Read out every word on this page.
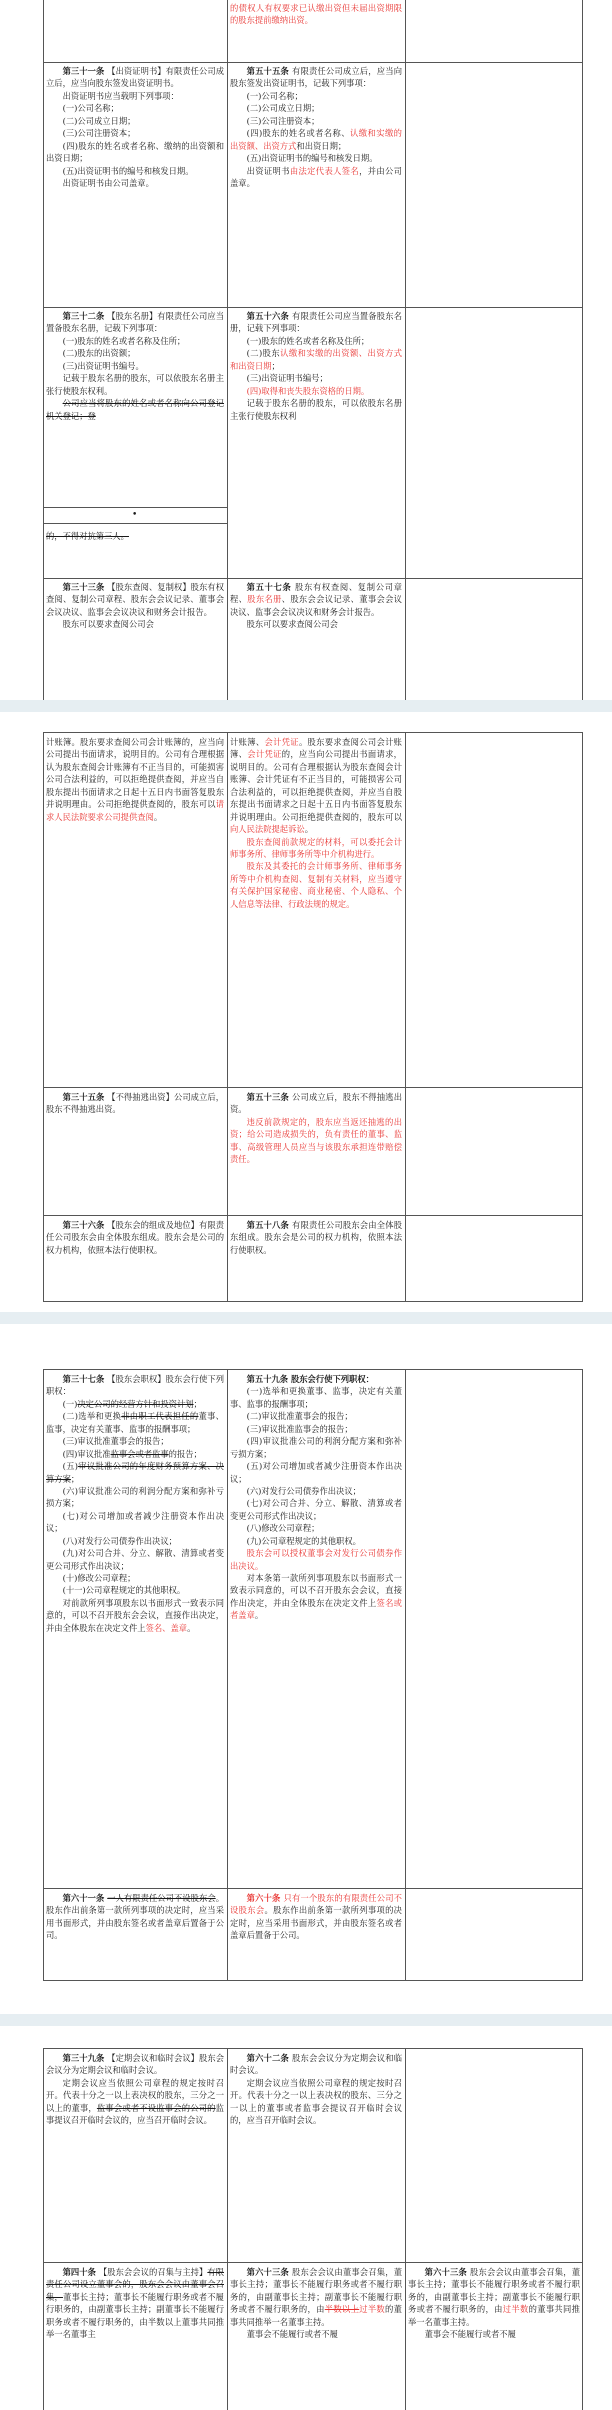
的债权人有权要求已认缴出资但未届出资期限的股东提前缴纳出资。

第三十一条 【出资证明书】有限责任公司成立后，应当向股东签发出资证明书。

出资证明书应当载明下列事项：

(一)公司名称；

(二)公司成立日期；

(三)公司注册资本；

(四)股东的姓名或者名称、缴纳的出资额和出资日期；

(五)出资证明书的编号和核发日期。

出资证明书由公司盖章。

第五十五条 有限责任公司成立后，应当向股东签发出资证明书，记载下列事项：

(一)公司名称；

(二)公司成立日期；

(三)公司注册资本；

(四)股东的姓名或者名称、认缴和实缴的出资额、出资方式和出资日期；

(五)出资证明书的编号和核发日期。

出资证明书由法定代表人签名，并由公司盖章。

第三十二条 【股东名册】有限责任公司应当置备股东名册，记载下列事项：

(一)股东的姓名或者名称及住所；

(二)股东的出资额；

(三)出资证明书编号。

记载于股东名册的股东，可以依股东名册主张行使股东权利。

公司应当将股东的姓名或者名称向公司登记机关登记；登

第五十六条 有限责任公司应当置备股东名册，记载下列事项：

(一)股东的姓名或者名称及住所；

(二)股东认缴和实缴的出资额、出资方式和出资日期；

(三)出资证明书编号；

(四)取得和丧失股东资格的日期。

记载于股东名册的股东，可以依股东名册主张行使股东权利

•

的，不得对抗第三人。

第三十三条 【股东查阅、复制权】股东有权查阅、复制公司章程、股东会会议记录、董事会会议决议、监事会会议决议和财务会计报告。

股东可以要求查阅公司会

第五十七条 股东有权查阅、复制公司章程、股东名册、股东会会议记录、董事会会议决议、监事会会议决议和财务会计报告。

股东可以要求查阅公司会

计账簿。股东要求查阅公司会计账簿的，应当向公司提出书面请求，说明目的。公司有合理根据认为股东查阅会计账簿有不正当目的，可能损害公司合法利益的，可以拒绝提供查阅，并应当自股东提出书面请求之日起十五日内书面答复股东并说明理由。公司拒绝提供查阅的，股东可以请求人民法院要求公司提供查阅。

计账簿、会计凭证。股东要求查阅公司会计账簿、会计凭证的，应当向公司提出书面请求，说明目的。公司有合理根据认为股东查阅会计账簿、会计凭证有不正当目的，可能损害公司合法利益的，可以拒绝提供查阅，并应当自股东提出书面请求之日起十五日内书面答复股东并说明理由。公司拒绝提供查阅的，股东可以向人民法院提起诉讼。

股东查阅前款规定的材料，可以委托会计师事务所、律师事务所等中介机构进行。

股东及其委托的会计师事务所、律师事务所等中介机构查阅、复制有关材料，应当遵守有关保护国家秘密、商业秘密、个人隐私、个人信息等法律、行政法规的规定。

第三十五条 【不得抽逃出资】公司成立后，股东不得抽逃出资。

第五十三条 公司成立后，股东不得抽逃出资。

违反前款规定的，股东应当返还抽逃的出资；给公司造成损失的，负有责任的董事、监事、高级管理人员应当与该股东承担连带赔偿责任。

第三十六条 【股东会的组成及地位】有限责任公司股东会由全体股东组成。股东会是公司的权力机构，依照本法行使职权。

第五十八条 有限责任公司股东会由全体股东组成。股东会是公司的权力机构，依照本法行使职权。

第三十七条 【股东会职权】股东会行使下列职权：

(一)决定公司的经营方针和投资计划；

(二)选举和更换非由职工代表担任的董事、监事，决定有关董事、监事的报酬事项；

(三)审议批准董事会的报告；

(四)审议批准监事会或者监事的报告；

(五)审议批准公司的年度财务预算方案、决算方案；

(六)审议批准公司的利润分配方案和弥补亏损方案；

(七)对公司增加或者减少注册资本作出决议；

(八)对发行公司债券作出决议；

(九)对公司合并、分立、解散、清算或者变更公司形式作出决议；

(十)修改公司章程；

(十一)公司章程规定的其他职权。

对前款所列事项股东以书面形式一致表示同意的，可以不召开股东会会议，直接作出决定，并由全体股东在决定文件上签名、盖章。

第五十九条 股东会行使下列职权：

(一)选举和更换董事、监事，决定有关董事、监事的报酬事项；

(二)审议批准董事会的报告；

(三)审议批准监事会的报告；

(四)审议批准公司的利润分配方案和弥补亏损方案；

(五)对公司增加或者减少注册资本作出决议；

(六)对发行公司债券作出决议；

(七)对公司合并、分立、解散、清算或者变更公司形式作出决议；

(八)修改公司章程；

(九)公司章程规定的其他职权。

股东会可以授权董事会对发行公司债券作出决议。

对本条第一款所列事项股东以书面形式一致表示同意的，可以不召开股东会会议，直接作出决定，并由全体股东在决定文件上签名或者盖章。

第六十一条 一人有限责任公司不设股东会。股东作出前条第一款所列事项的决定时，应当采用书面形式，并由股东签名或者盖章后置备于公司。

第六十条 只有一个股东的有限责任公司不设股东会。股东作出前条第一款所列事项的决定时，应当采用书面形式，并由股东签名或者盖章后置备于公司。

第三十九条 【定期会议和临时会议】股东会会议分为定期会议和临时会议。

定期会议应当依照公司章程的规定按时召开。代表十分之一以上表决权的股东，三分之一以上的董事，监事会或者不设监事会的公司的监事提议召开临时会议的，应当召开临时会议。

第六十二条 股东会会议分为定期会议和临时会议。

定期会议应当依照公司章程的规定按时召开。代表十分之一以上表决权的股东、三分之一以上的董事或者监事会提议召开临时会议的，应当召开临时会议。

第四十条 【股东会会议的召集与主持】有限责任公司设立董事会的，股东会会议由董事会召集，董事长主持；董事长不能履行职务或者不履行职务的，由副董事长主持；副董事长不能履行职务或者不履行职务的，由半数以上董事共同推举一名董事主

第六十三条 股东会会议由董事会召集，董事长主持；董事长不能履行职务或者不履行职务的，由副董事长主持；副董事长不能履行职务或者不履行职务的，由半数以上过半数的董事共同推举一名董事主持。

董事会不能履行或者不履

第六十三条 股东会会议由董事会召集，董事长主持；董事长不能履行职务或者不履行职务的，由副董事长主持；副董事长不能履行职务或者不履行职务的，由过半数的董事共同推举一名董事主持。

董事会不能履行或者不履
